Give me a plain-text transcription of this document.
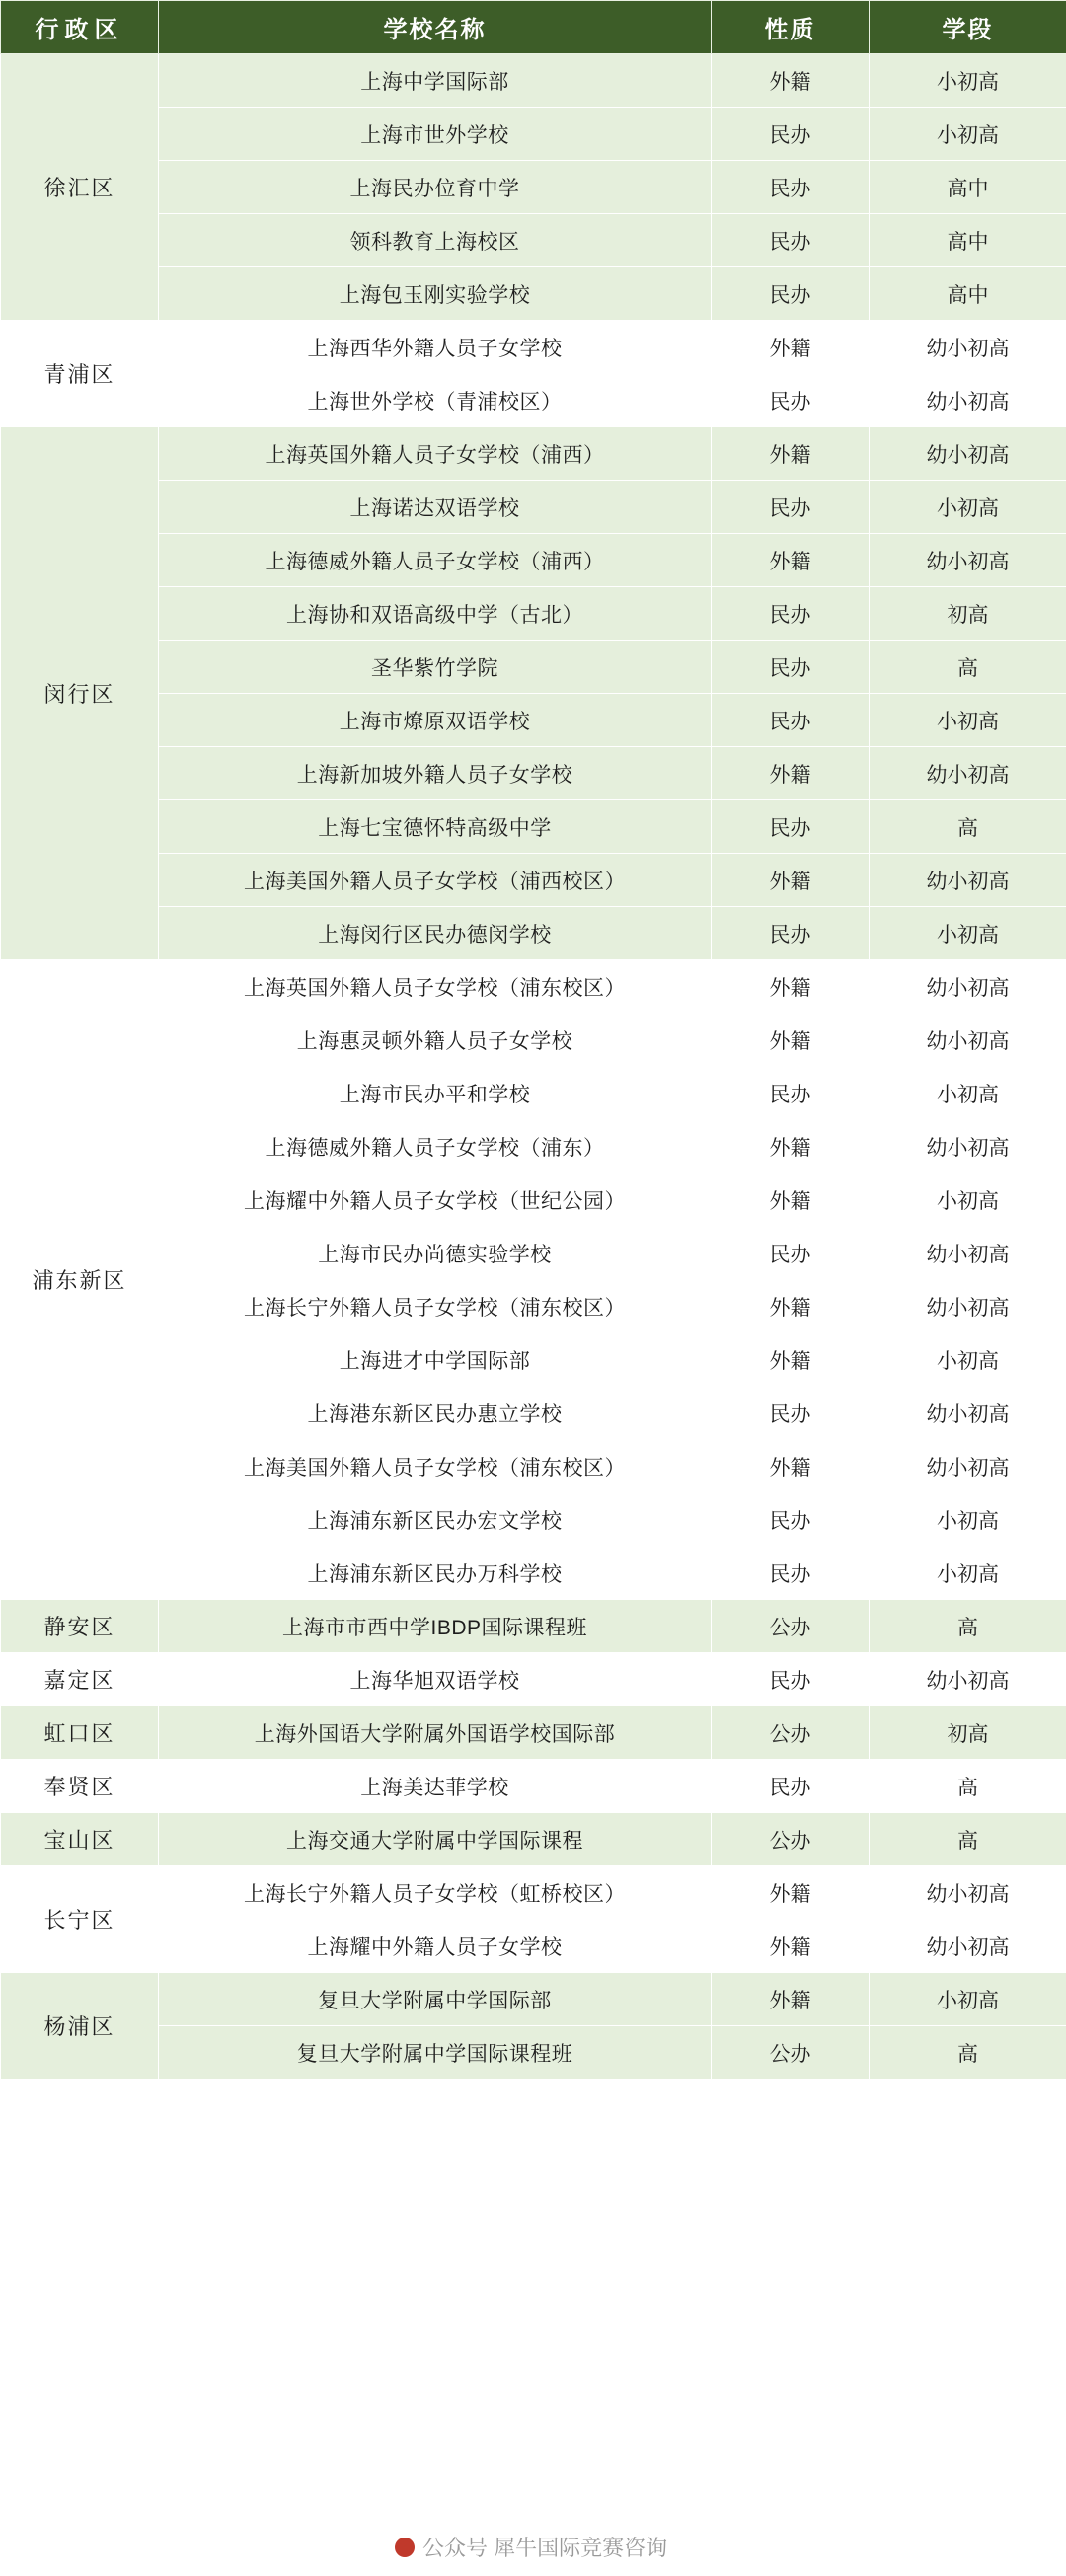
行政区	学校名称	性质	学段
徐汇区	上海中学国际部	外籍	小初高
	上海市世外学校	民办	小初高
	上海民办位育中学	民办	高中
	领科教育上海校区	民办	高中
	上海包玉刚实验学校	民办	高中
青浦区	上海西华外籍人员子女学校	外籍	幼小初高
	上海世外学校（青浦校区）	民办	幼小初高
闵行区	上海英国外籍人员子女学校（浦西）	外籍	幼小初高
	上海诺达双语学校	民办	小初高
	上海德威外籍人员子女学校（浦西）	外籍	幼小初高
	上海协和双语高级中学（古北）	民办	初高
	圣华紫竹学院	民办	高
	上海市燎原双语学校	民办	小初高
	上海新加坡外籍人员子女学校	外籍	幼小初高
	上海七宝德怀特高级中学	民办	高
	上海美国外籍人员子女学校（浦西校区）	外籍	幼小初高
	上海闵行区民办德闵学校	民办	小初高
浦东新区	上海英国外籍人员子女学校（浦东校区）	外籍	幼小初高
	上海惠灵顿外籍人员子女学校	外籍	幼小初高
	上海市民办平和学校	民办	小初高
	上海德威外籍人员子女学校（浦东）	外籍	幼小初高
	上海耀中外籍人员子女学校（世纪公园）	外籍	小初高
	上海市民办尚德实验学校	民办	幼小初高
	上海长宁外籍人员子女学校（浦东校区）	外籍	幼小初高
	上海进才中学国际部	外籍	小初高
	上海港东新区民办惠立学校	民办	幼小初高
	上海美国外籍人员子女学校（浦东校区）	外籍	幼小初高
	上海浦东新区民办宏文学校	民办	小初高
	上海浦东新区民办万科学校	民办	小初高
静安区	上海市市西中学IBDP国际课程班	公办	高
嘉定区	上海华旭双语学校	民办	幼小初高
虹口区	上海外国语大学附属外国语学校国际部	公办	初高
奉贤区	上海美达菲学校	民办	高
宝山区	上海交通大学附属中学国际课程	公办	高
长宁区	上海长宁外籍人员子女学校（虹桥校区）	外籍	幼小初高
	上海耀中外籍人员子女学校	外籍	幼小初高
杨浦区	复旦大学附属中学国际部	外籍	小初高
	复旦大学附属中学国际课程班	公办	高
公众号 犀牛国际竞赛咨询
